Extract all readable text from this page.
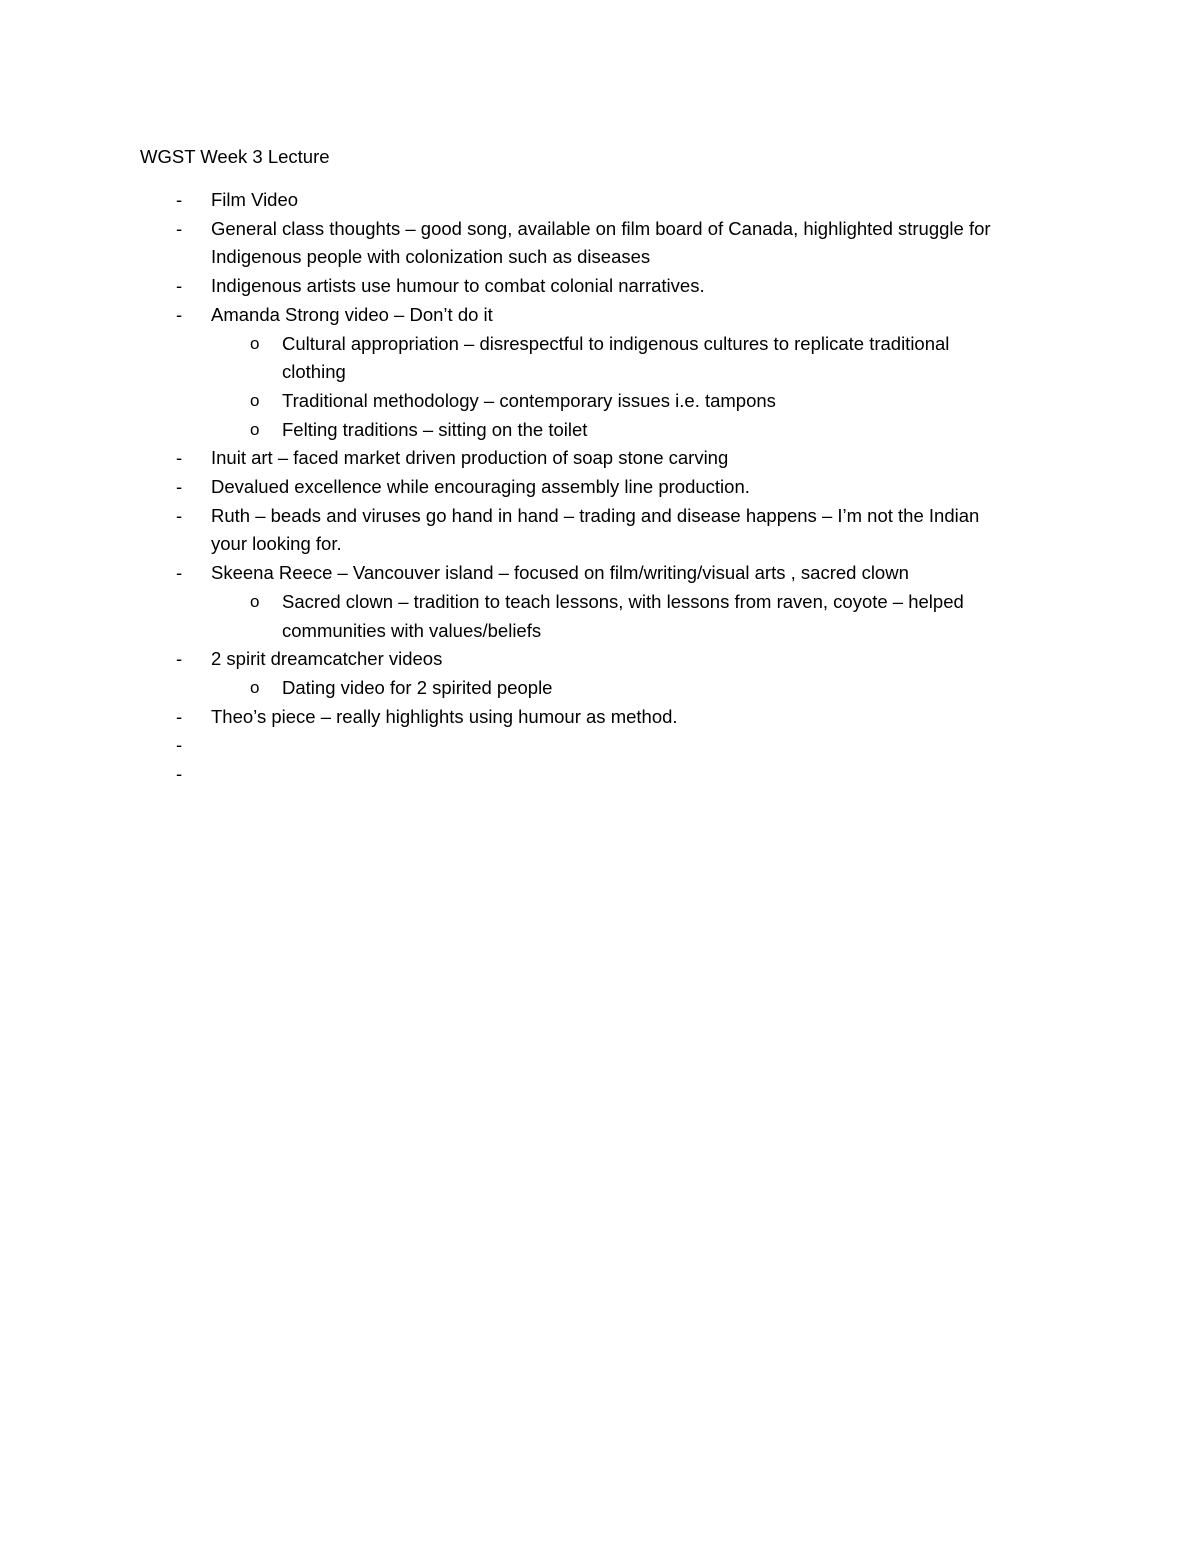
WGST Week 3 Lecture
- Film Video
- General class thoughts – good song, available on film board of Canada, highlighted struggle for
Indigenous people with colonization such as diseases
- Indigenous artists use humour to combat colonial narratives.
- Amanda Strong video – Don’t do it
o Cultural appropriation – disrespectful to indigenous cultures to replicate traditional
clothing
o Traditional methodology – contemporary issues i.e. tampons
o Felting traditions – sitting on the toilet
- Inuit art – faced market driven production of soap stone carving
- Devalued excellence while encouraging assembly line production.
- Ruth – beads and viruses go hand in hand – trading and disease happens – I’m not the Indian
your looking for.
- Skeena Reece – Vancouver island – focused on film/writing/visual arts , sacred clown
o Sacred clown – tradition to teach lessons, with lessons from raven, coyote – helped
communities with values/beliefs
- 2 spirit dreamcatcher videos
o Dating video for 2 spirited people
- Theo’s piece – really highlights using humour as method.
-
-
